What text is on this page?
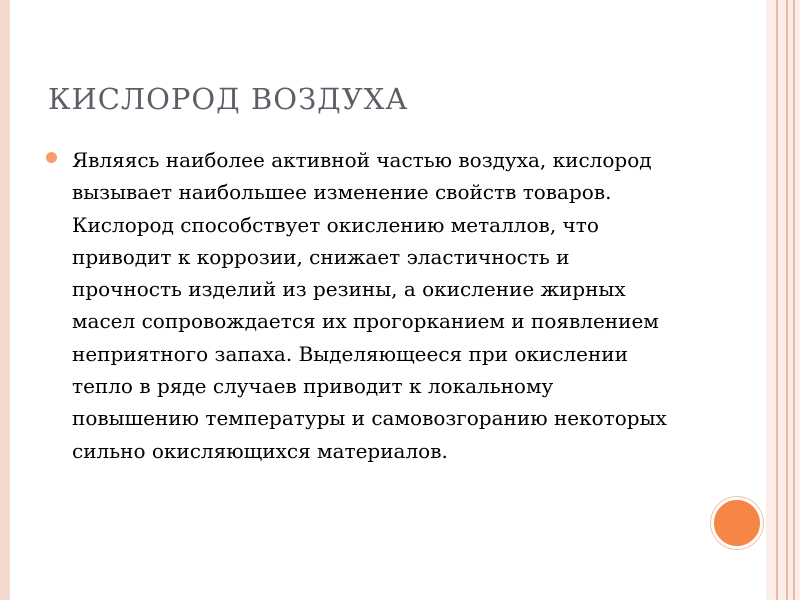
КИСЛОРОД ВОЗДУХА

Являясь наиболее активной частью воздуха, кислород вызывает наибольшее изменение свойств товаров. Кислород способствует окислению металлов, что приводит к коррозии, снижает эластичность и прочность изделий из резины, а окисление жирных масел сопровождается их прогорканием и появлением неприятного запаха. Выделяющееся при окислении тепло в ряде случаев приводит к локальному повышению температуры и самовозгоранию некоторых сильно окисляющихся материалов.
